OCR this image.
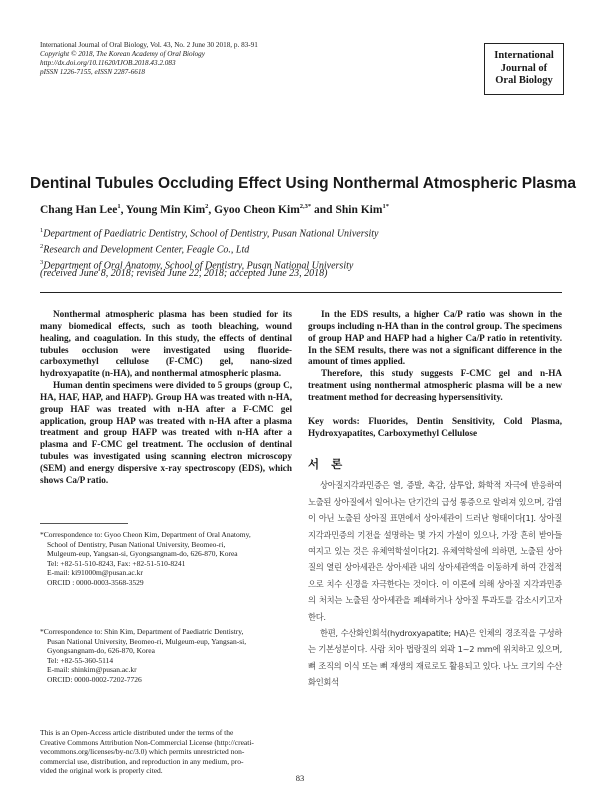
International Journal of Oral Biology, Vol. 43, No. 2 June 30 2018, p. 83-91
Copyright © 2018, The Korean Academy of Oral Biology
http://dx.doi.org/10.11620/IJOB.2018.43.2.083
pISSN 1226-7155, eISSN 2287-6618
International
Journal of
Oral Biology
Dentinal Tubules Occluding Effect Using Nonthermal Atmospheric Plasma
Chang Han Lee$^1$, Young Min Kim$^2$, Gyoo Cheon Kim$^{2,3*}$ and Shin Kim$^{1*}$
$^1$Department of Paediatric Dentistry, School of Dentistry, Pusan National University
$^2$Research and Development Center, Feagle Co., Ltd
$^3$Department of Oral Anatomy, School of Dentistry, Pusan National University
(received June 8, 2018; revised June 22, 2018; accepted June 23, 2018)

Nonthermal atmospheric plasma has been studied for its many biomedical effects, such as tooth bleaching, wound healing, and coagulation. In this study, the effects of dentinal tubules occlusion were investigated using fluoride-carboxymethyl cellulose (F-CMC) gel, nano-sized hydroxyapatite (n-HA), and nonthermal atmospheric plasma.

Human dentin specimens were divided to 5 groups (group C, HA, HAF, HAP, and HAFP). Group HA was treated with n-HA, group HAF was treated with n-HA after a F-CMC gel application, group HAP was treated with n-HA after a plasma treatment and group HAFP was treated with n-HA after a plasma and F-CMC gel treatment. The occlusion of dentinal tubules was investigated using scanning electron microscopy (SEM) and energy dispersive x-ray spectroscopy (EDS), which shows Ca/P ratio.

*Correspondence to: Gyoo Cheon Kim, Department of Oral Anatomy,
School of Dentistry, Pusan National University, Beomeo-ri,
Mulgeum-eup, Yangsan-si, Gyongsangnam-do, 626-870, Korea
Tel: +82-51-510-8243, Fax: +82-51-510-8241
E-mail: ki91000m@pusan.ac.kr
ORCID : 0000-0003-3568-3529
*Correspondence to: Shin Kim, Department of Paediatric Dentistry,
Pusan National University, Beomeo-ri, Mulgeum-eup, Yangsan-si,
Gyongsangnam-do, 626-870, Korea
Tel: +82-55-360-5114
E-mail: shinkim@pusan.ac.kr
ORCID: 0000-0002-7202-7726
This is an Open-Access article distributed under the terms of the
Creative Commons Attribution Non-Commercial License (http://creati-
vecommons.org/licenses/by-nc/3.0) which permits unrestricted non-
commercial use, distribution, and reproduction in any medium, pro-
vided the original work is properly cited.

In the EDS results, a higher Ca/P ratio was shown in the groups including n-HA than in the control group. The specimens of group HAP and HAFP had a higher Ca/P ratio in retentivity. In the SEM results, there was not a significant difference in the amount of times applied.

Therefore, this study suggests F-CMC gel and n-HA treatment using nonthermal atmospheric plasma will be a new treatment method for decreasing hypersensitivity.

Key words: Fluorides, Dentin Sensitivity, Cold Plasma, Hydroxyapatites, Carboxymethyl Cellulose
서 론

상아질지각과민증은 열, 증발, 촉감, 삼투압, 화학적 자극에 반응하여 노출된 상아질에서 일어나는 단기간의 급성 통증으로 알려져 있으며, 감염이 아닌 노출된 상아질 표면에서 상아세관이 드러난 형태이다[1]. 상아질 지각과민증의 기전을 설명하는 몇 가지 가설이 있으나, 가장 흔히 받아들여지고 있는 것은 유체역학설이다[2]. 유체역학설에 의하면, 노출된 상아질의 열린 상아세관은 상아세관 내의 상아세관액을 이동하게 하여 간접적으로 치수 신경을 자극한다는 것이다. 이 이론에 의해 상아질 지각과민증의 처치는 노출된 상아세관을 폐쇄하거나 상아질 투과도를 감소시키고자 한다.

한편, 수산화인회석(hydroxyapatite; HA)은 인체의 경조직을 구성하는 기본성분이다. 사람 치아 법랑질의 외곽 1~2 mm에 위치하고 있으며, 뼈 조직의 이식 또는 뼈 재생의 재료로도 활용되고 있다. 나노 크기의 수산화인회석

83
